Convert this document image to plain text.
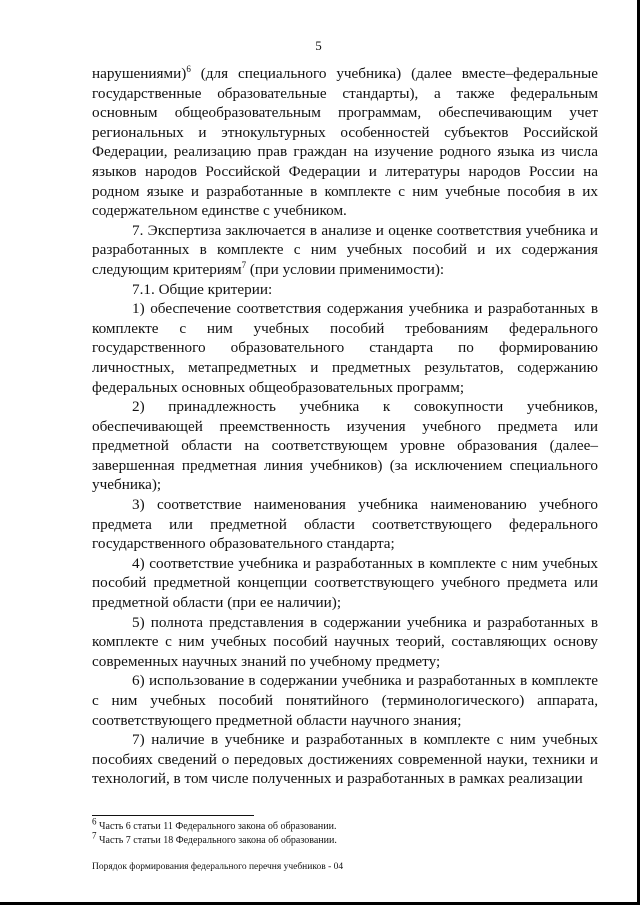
5

нарушениями)$^6$ (для специального учебника) (далее вместе–федеральные государственные образовательные стандарты), а также федеральным основным общеобразовательным программам, обеспечивающим учет региональных и этнокультурных особенностей субъектов Российской Федерации, реализацию прав граждан на изучение родного языка из числа языков народов Российской Федерации и литературы народов России на родном языке и разработанные в комплекте с ним учебные пособия в их содержательном единстве с учебником.

7. Экспертиза заключается в анализе и оценке соответствия учебника и разработанных в комплекте с ним учебных пособий и их содержания следующим критериям$^7$ (при условии применимости):

7.1. Общие критерии:

1) обеспечение соответствия содержания учебника и разработанных в комплекте с ним учебных пособий требованиям федерального государственного образовательного стандарта по формированию личностных, метапредметных и предметных результатов, содержанию федеральных основных общеобразовательных программ;

2) принадлежность учебника к совокупности учебников, обеспечивающей преемственность изучения учебного предмета или предметной области на соответствующем уровне образования (далее–завершенная предметная линия учебников) (за исключением специального учебника);

3) соответствие наименования учебника наименованию учебного предмета или предметной области соответствующего федерального государственного образовательного стандарта;

4) соответствие учебника и разработанных в комплекте с ним учебных пособий предметной концепции соответствующего учебного предмета или предметной области (при ее наличии);

5) полнота представления в содержании учебника и разработанных в комплекте с ним учебных пособий научных теорий, составляющих основу современных научных знаний по учебному предмету;

6) использование в содержании учебника и разработанных в комплекте с ним учебных пособий понятийного (терминологического) аппарата, соответствующего предметной области научного знания;

7) наличие в учебнике и разработанных в комплекте с ним учебных пособиях сведений о передовых достижениях современной науки, техники и технологий, в том числе полученных и разработанных в рамках реализации

$^6$ Часть 6 статьи 11 Федерального закона об образовании.
$^7$ Часть 7 статьи 18 Федерального закона об образовании.
Порядок формирования федерального перечня учебников - 04
